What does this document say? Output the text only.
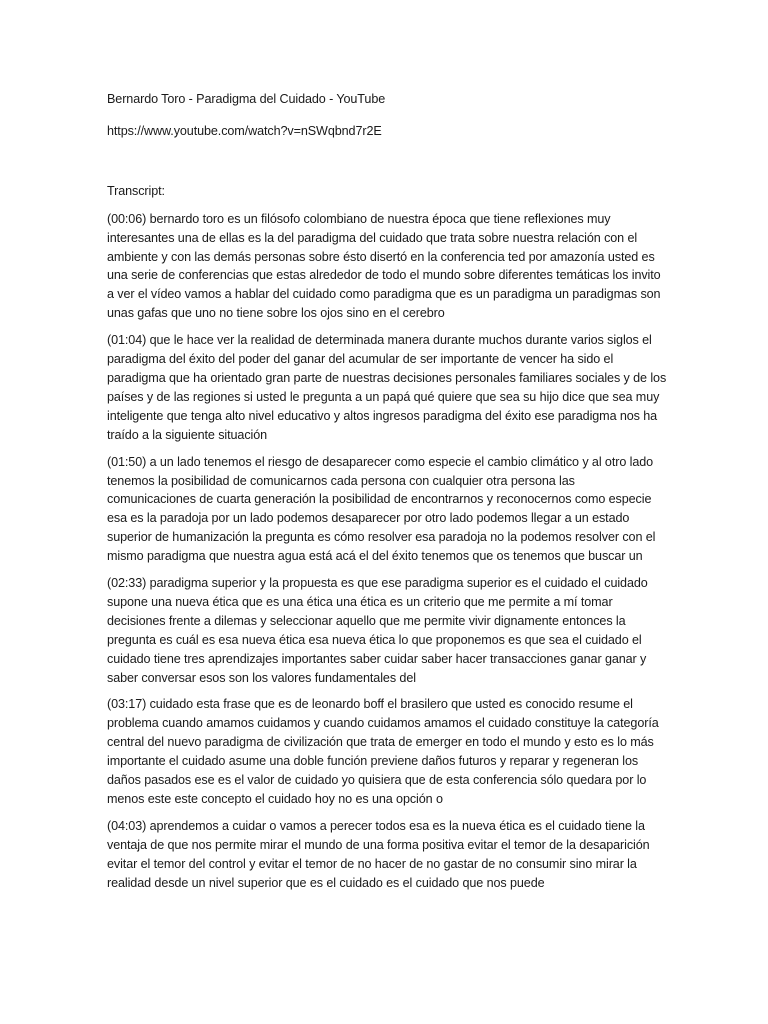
Bernardo Toro - Paradigma del Cuidado - YouTube

https://www.youtube.com/watch?v=nSWqbnd7r2E

Transcript:

(00:06) bernardo toro es un filósofo colombiano de nuestra época que tiene reflexiones muy interesantes una de ellas es la del paradigma del cuidado que trata sobre nuestra relación con el ambiente y con las demás personas sobre ésto disertó en la conferencia ted por amazonía usted es una serie de conferencias que estas alrededor de todo el mundo sobre diferentes temáticas los invito a ver el vídeo vamos a hablar del cuidado como paradigma que es un paradigma un paradigmas son unas gafas que uno no tiene sobre los ojos sino en el cerebro
(01:04) que le hace ver la realidad de determinada manera durante muchos durante varios siglos el paradigma del éxito del poder del ganar del acumular de ser importante de vencer ha sido el paradigma que ha orientado gran parte de nuestras decisiones personales familiares sociales y de los países y de las regiones si usted le pregunta a un papá qué quiere que sea su hijo dice que sea muy inteligente que tenga alto nivel educativo y altos ingresos paradigma del éxito ese paradigma nos ha traído a la siguiente situación
(01:50) a un lado tenemos el riesgo de desaparecer como especie el cambio climático y al otro lado tenemos la posibilidad de comunicarnos cada persona con cualquier otra persona las comunicaciones de cuarta generación la posibilidad de encontrarnos y reconocernos como especie esa es la paradoja por un lado podemos desaparecer por otro lado podemos llegar a un estado superior de humanización la pregunta es cómo resolver esa paradoja no la podemos resolver con el mismo paradigma que nuestra agua está acá el del éxito tenemos que os tenemos que buscar un
(02:33) paradigma superior y la propuesta es que ese paradigma superior es el cuidado el cuidado supone una nueva ética que es una ética una ética es un criterio que me permite a mí tomar decisiones frente a dilemas y seleccionar aquello que me permite vivir dignamente entonces la pregunta es cuál es esa nueva ética esa nueva ética lo que proponemos es que sea el cuidado el cuidado tiene tres aprendizajes importantes saber cuidar saber hacer transacciones ganar ganar y saber conversar esos son los valores fundamentales del
(03:17) cuidado esta frase que es de leonardo boff el brasilero que usted es conocido resume el problema cuando amamos cuidamos y cuando cuidamos amamos el cuidado constituye la categoría central del nuevo paradigma de civilización que trata de emerger en todo el mundo y esto es lo más importante el cuidado asume una doble función previene daños futuros y reparar y regeneran los daños pasados ese es el valor de cuidado yo quisiera que de esta conferencia sólo quedara por lo menos este este concepto el cuidado hoy no es una opción o
(04:03) aprendemos a cuidar o vamos a perecer todos esa es la nueva ética es el cuidado tiene la ventaja de que nos permite mirar el mundo de una forma positiva evitar el temor de la desaparición evitar el temor del control y evitar el temor de no hacer de no gastar de no consumir sino mirar la realidad desde un nivel superior que es el cuidado es el cuidado que nos puede
